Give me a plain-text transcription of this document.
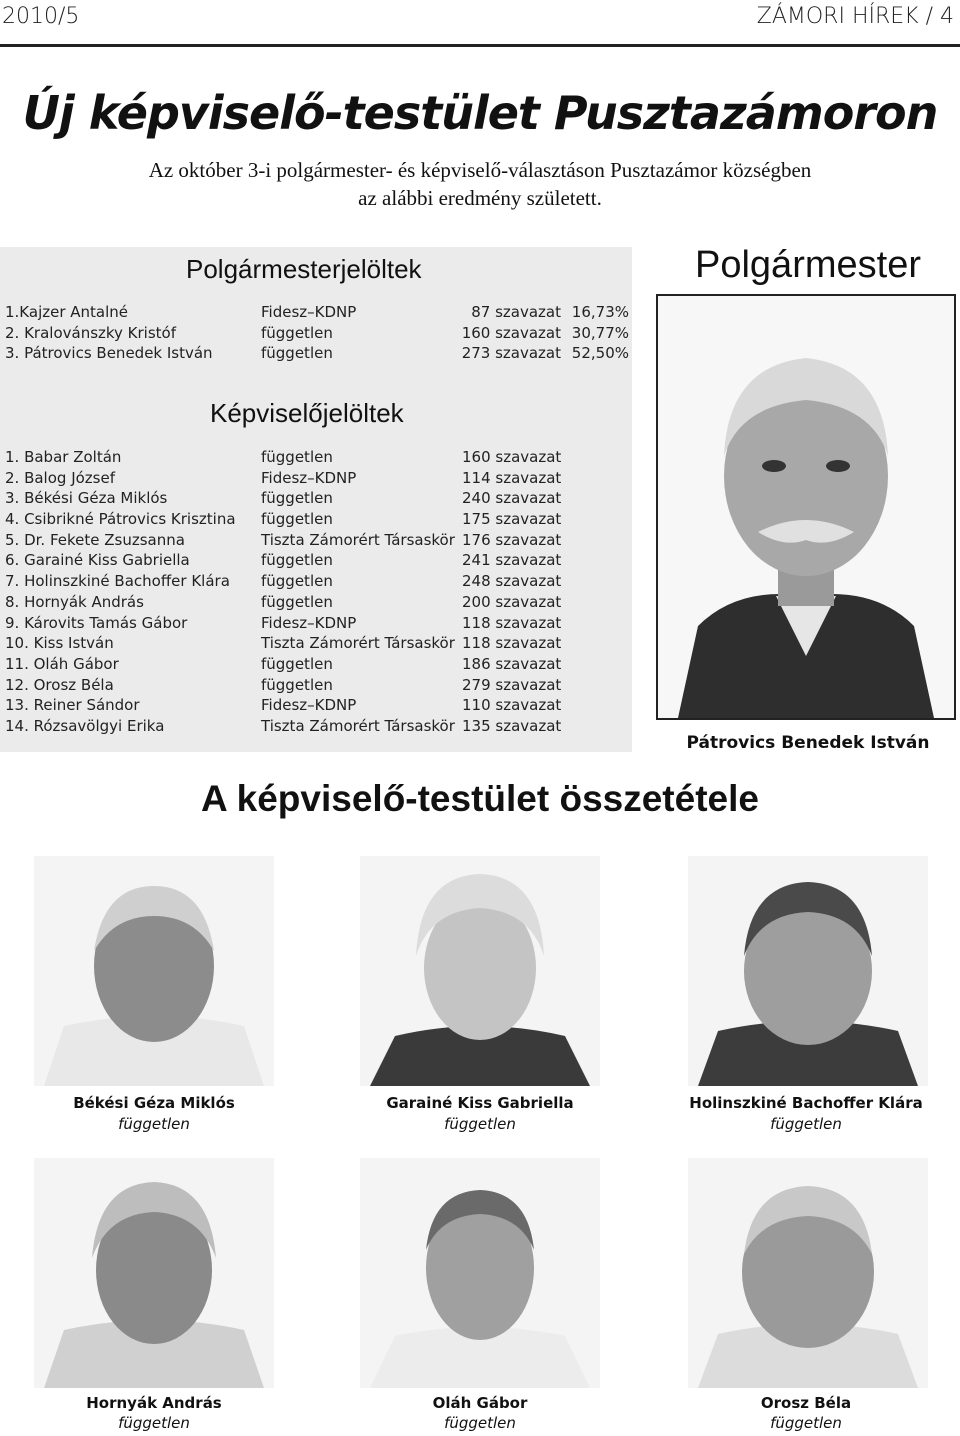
2010/5	ZÁMORI HÍREK / 4
Új képviselő-testület Pusztazámoron
Az október 3-i polgármester- és képviselő-választáson Pusztazámor községben
az alábbi eredmény született.
Polgármesterjelöltek
1.Kajzer Antalné	Fidesz–KDNP	87 szavazat 16,73%
2. Kralovánszky Kristóf	független	160 szavazat 30,77%
3. Pátrovics Benedek István	független	273 szavazat 52,50%
Képviselőjelöltek
1. Babar Zoltán	független	160 szavazat
2. Balog József	Fidesz–KDNP	114 szavazat
3. Békési Géza Miklós	független	240 szavazat
4. Csibrikné Pátrovics Krisztina független	175 szavazat
5. Dr. Fekete Zsuzsanna	Tiszta Zámorért Társaskör 176 szavazat
6. Garainé Kiss Gabriella	független	241 szavazat
7. Holinszkiné Bachoffer Klára független	248 szavazat
8. Hornyák András	független	200 szavazat
9. Károvits Tamás Gábor	Fidesz–KDNP	118 szavazat
10. Kiss István	Tiszta Zámorért Társaskör 118 szavazat
11. Oláh Gábor	független	186 szavazat
12. Orosz Béla	független	279 szavazat
13. Reiner Sándor	Fidesz–KDNP	110 szavazat
14. Rózsavölgyi Erika	Tiszta Zámorért Társaskör 135 szavazat
Polgármester
Pátrovics Benedek István
A képviselő-testület összetétele
Békési Géza Miklós
független
Garainé Kiss Gabriella
független
Holinszkiné Bachoffer Klára
független
Hornyák András
független
Oláh Gábor
független
Orosz Béla
független
